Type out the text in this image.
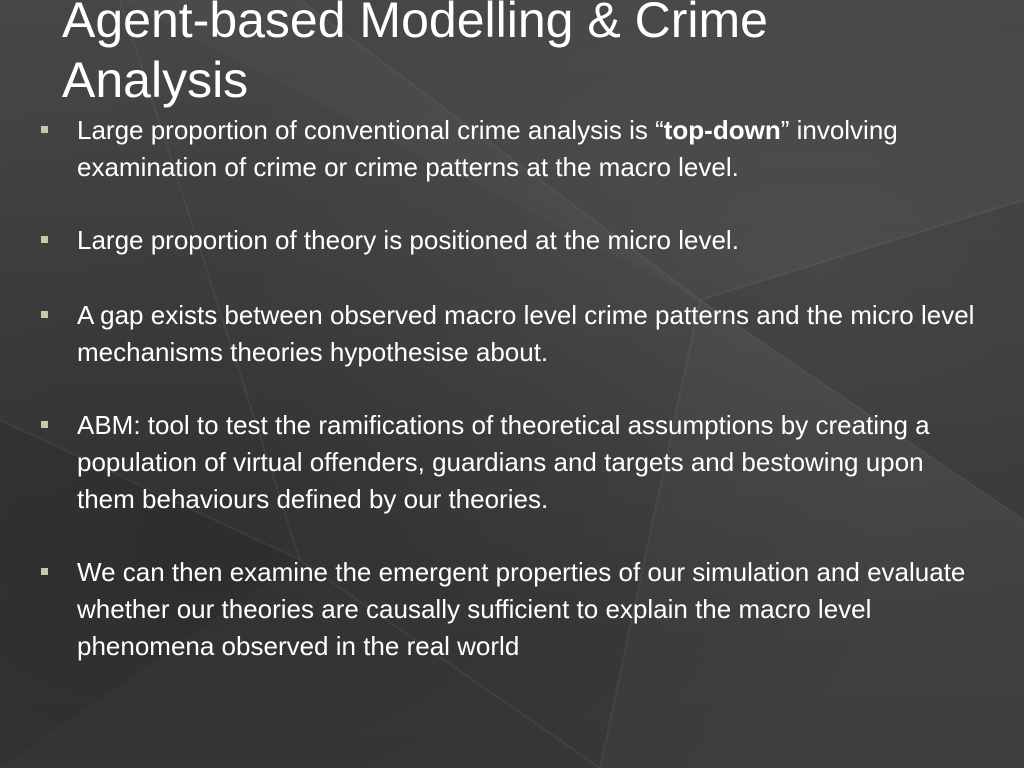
Agent-based Modelling & Crime Analysis
Large proportion of conventional crime analysis is “top-down” involving examination of crime or crime patterns at the macro level.
Large proportion of theory is positioned at the micro level.
A gap exists between observed macro level crime patterns and the micro level mechanisms theories hypothesise about.
ABM: tool to test the ramifications of theoretical assumptions by creating a population of virtual offenders, guardians and targets and bestowing upon them behaviours defined by our theories.
We can then examine the emergent properties of our simulation and evaluate whether our theories are causally sufficient to explain the macro level phenomena observed in the real world
